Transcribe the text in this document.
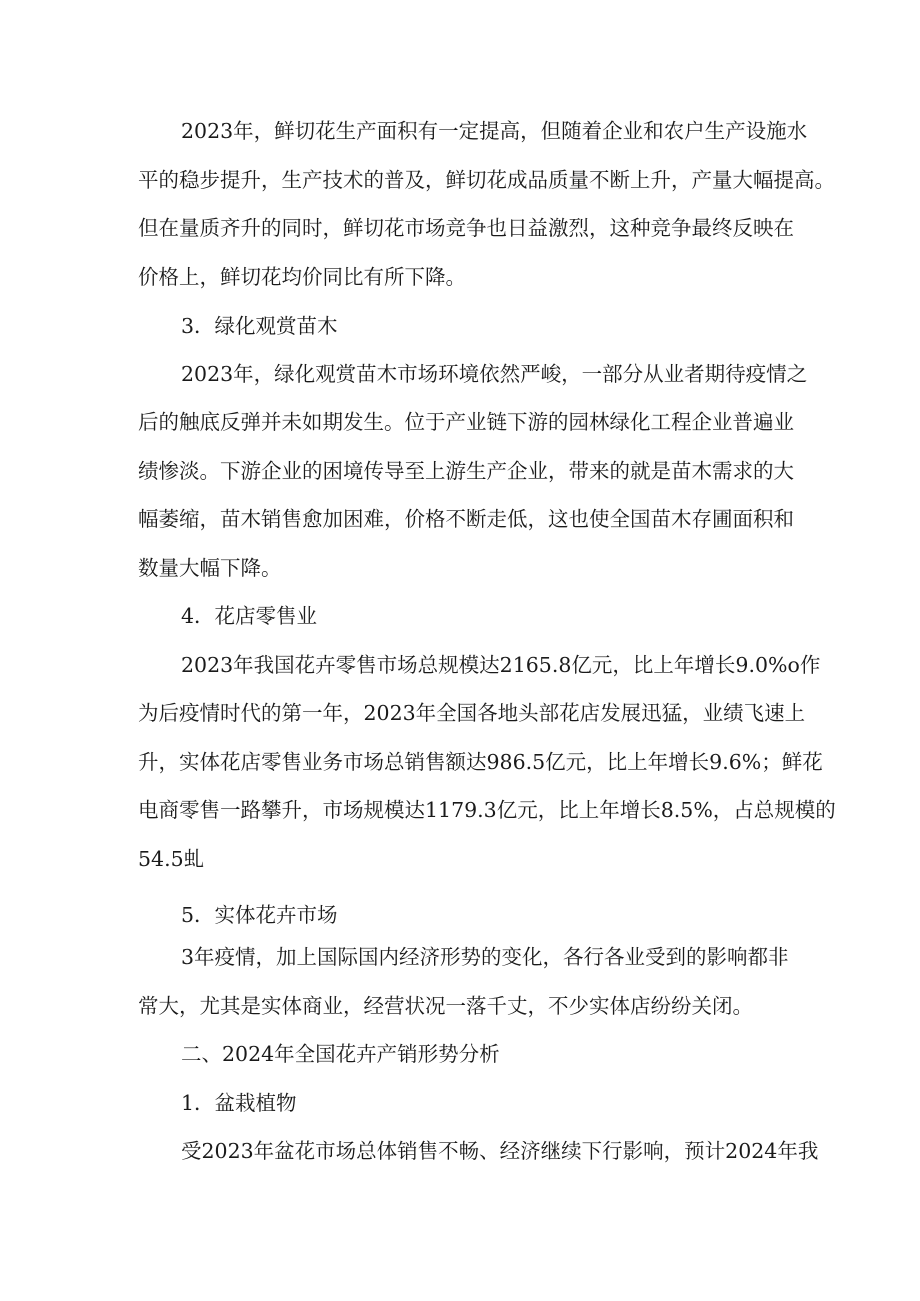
2023年，鲜切花生产面积有一定提高，但随着企业和农户生产设施水
平的稳步提升，生产技术的普及，鲜切花成品质量不断上升，产量大幅提高。
但在量质齐升的同时，鲜切花市场竞争也日益激烈，这种竞争最终反映在
价格上，鲜切花均价同比有所下降。
3．绿化观赏苗木
2023年，绿化观赏苗木市场环境依然严峻，一部分从业者期待疫情之
后的触底反弹并未如期发生。位于产业链下游的园林绿化工程企业普遍业
绩惨淡。下游企业的困境传导至上游生产企业，带来的就是苗木需求的大
幅萎缩，苗木销售愈加困难，价格不断走低，这也使全国苗木存圃面积和
数量大幅下降。
4．花店零售业
2023年我国花卉零售市场总规模达2165.8亿元，比上年增长9.0%o作
为后疫情时代的第一年，2023年全国各地头部花店发展迅猛，业绩飞速上
升，实体花店零售业务市场总销售额达986.5亿元，比上年增长9.6%；鲜花
电商零售一路攀升，市场规模达1179.3亿元，比上年增长8.5%，占总规模的
54.5虬
5．实体花卉市场
3年疫情，加上国际国内经济形势的变化，各行各业受到的影响都非
常大，尤其是实体商业，经营状况一落千丈，不少实体店纷纷关闭。
二、2024年全国花卉产销形势分析
1．盆栽植物
受2023年盆花市场总体销售不畅、经济继续下行影响，预计2024年我
